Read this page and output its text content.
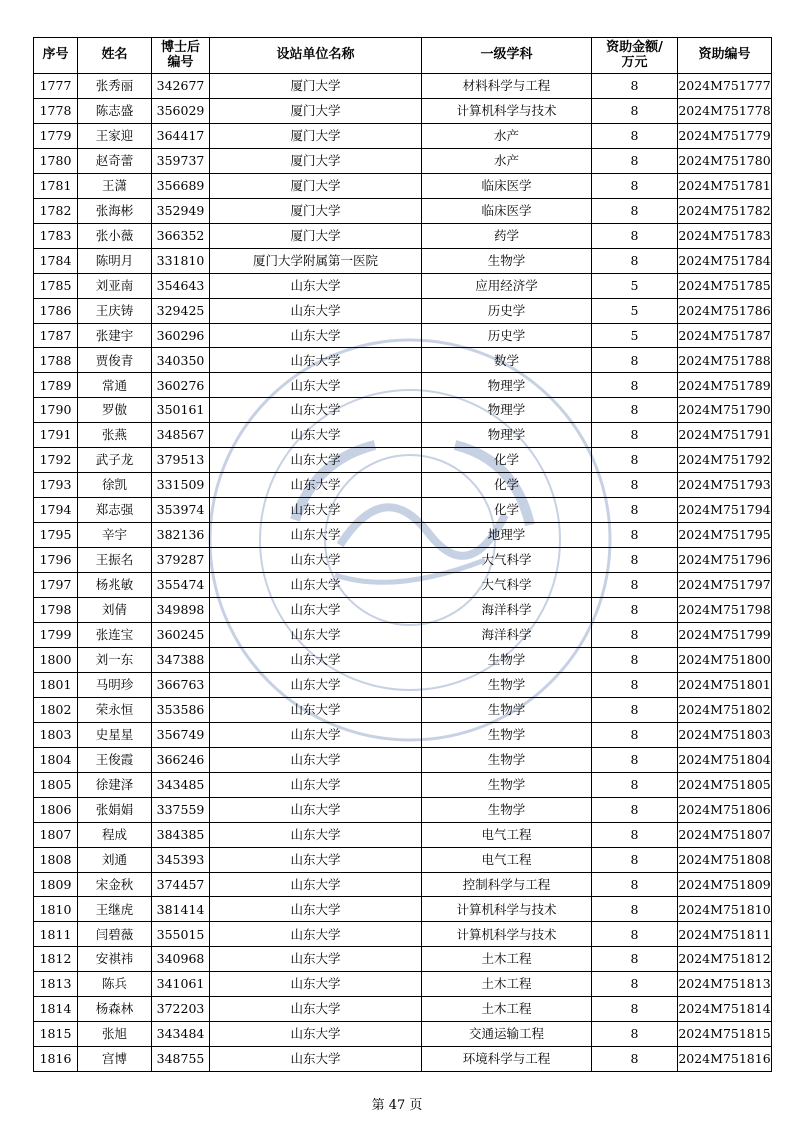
序号	姓名	博士后编号	设站单位名称	一级学科	资助金额/万元	资助编号
1777	张秀丽	342677	厦门大学	材料科学与工程	8	2024M751777
1778	陈志盛	356029	厦门大学	计算机科学与技术	8	2024M751778
1779	王家迎	364417	厦门大学	水产	8	2024M751779
1780	赵奇蕾	359737	厦门大学	水产	8	2024M751780
1781	王潇	356689	厦门大学	临床医学	8	2024M751781
1782	张海彬	352949	厦门大学	临床医学	8	2024M751782
1783	张小薇	366352	厦门大学	药学	8	2024M751783
1784	陈明月	331810	厦门大学附属第一医院	生物学	8	2024M751784
1785	刘亚南	354643	山东大学	应用经济学	5	2024M751785
1786	王庆铸	329425	山东大学	历史学	5	2024M751786
1787	张建宇	360296	山东大学	历史学	5	2024M751787
1788	贾俊青	340350	山东大学	数学	8	2024M751788
1789	常通	360276	山东大学	物理学	8	2024M751789
1790	罗傲	350161	山东大学	物理学	8	2024M751790
1791	张燕	348567	山东大学	物理学	8	2024M751791
1792	武子龙	379513	山东大学	化学	8	2024M751792
1793	徐凯	331509	山东大学	化学	8	2024M751793
1794	郑志强	353974	山东大学	化学	8	2024M751794
1795	辛宇	382136	山东大学	地理学	8	2024M751795
1796	王振名	379287	山东大学	大气科学	8	2024M751796
1797	杨兆敏	355474	山东大学	大气科学	8	2024M751797
1798	刘倩	349898	山东大学	海洋科学	8	2024M751798
1799	张连宝	360245	山东大学	海洋科学	8	2024M751799
1800	刘一东	347388	山东大学	生物学	8	2024M751800
1801	马明珍	366763	山东大学	生物学	8	2024M751801
1802	荣永恒	353586	山东大学	生物学	8	2024M751802
1803	史星星	356749	山东大学	生物学	8	2024M751803
1804	王俊霞	366246	山东大学	生物学	8	2024M751804
1805	徐建泽	343485	山东大学	生物学	8	2024M751805
1806	张娟娟	337559	山东大学	生物学	8	2024M751806
1807	程成	384385	山东大学	电气工程	8	2024M751807
1808	刘通	345393	山东大学	电气工程	8	2024M751808
1809	宋金秋	374457	山东大学	控制科学与工程	8	2024M751809
1810	王继虎	381414	山东大学	计算机科学与技术	8	2024M751810
1811	闫碧薇	355015	山东大学	计算机科学与技术	8	2024M751811
1812	安祺祎	340968	山东大学	土木工程	8	2024M751812
1813	陈兵	341061	山东大学	土木工程	8	2024M751813
1814	杨森林	372203	山东大学	土木工程	8	2024M751814
1815	张旭	343484	山东大学	交通运输工程	8	2024M751815
1816	宫博	348755	山东大学	环境科学与工程	8	2024M751816
第 47 页
